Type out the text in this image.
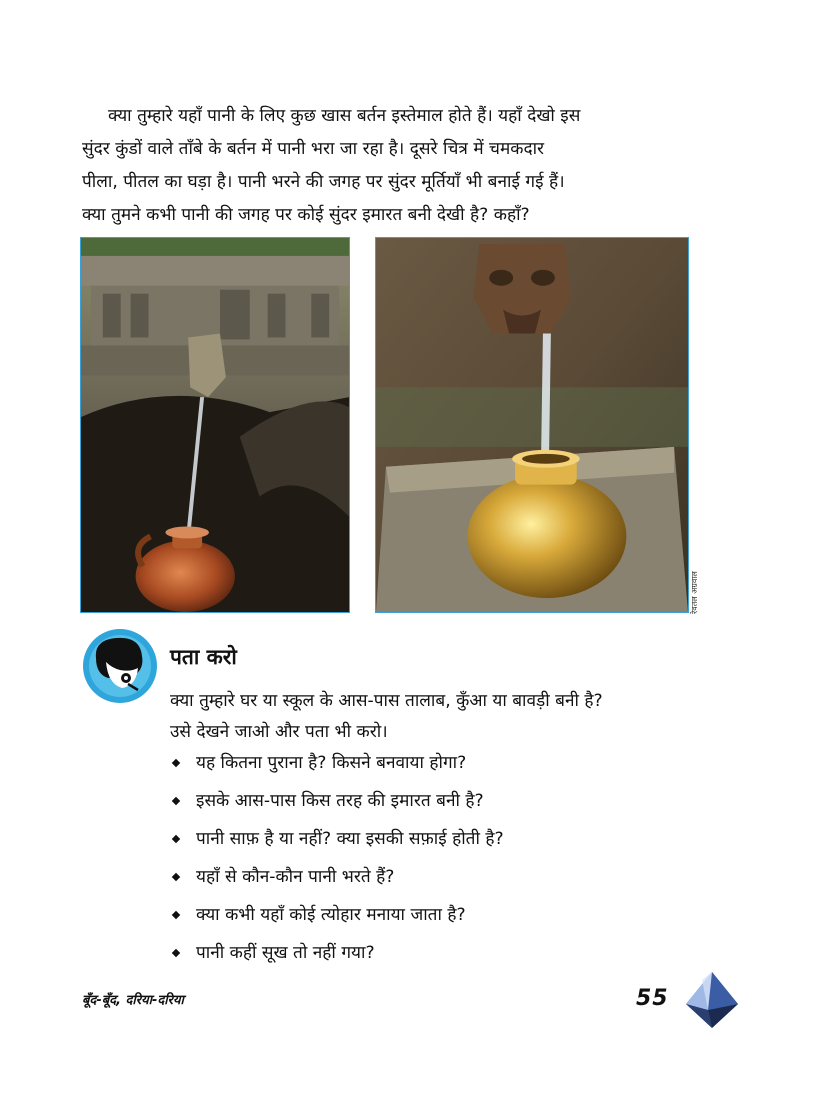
क्या तुम्हारे यहाँ पानी के लिए कुछ खास बर्तन इस्तेमाल होते हैं। यहाँ देखो इस
सुंदर कुंडों वाले ताँबे के बर्तन में पानी भरा जा रहा है। दूसरे चित्र में चमकदार
पीला, पीतल का घड़ा है। पानी भरने की जगह पर सुंदर मूर्तियाँ भी बनाई गई हैं।
क्या तुमने कभी पानी की जगह पर कोई सुंदर इमारत बनी देखी है? कहाँ?
रेवतल अग्रवाल
पता करो
क्या तुम्हारे घर या स्कूल के आस-पास तालाब, कुँआ या बावड़ी बनी है?
उसे देखने जाओ और पता भी करो।
यह कितना पुराना है? किसने बनवाया होगा?
इसके आस-पास किस तरह की इमारत बनी है?
पानी साफ़ है या नहीं? क्या इसकी सफ़ाई होती है?
यहाँ से कौन-कौन पानी भरते हैं?
क्या कभी यहाँ कोई त्योहार मनाया जाता है?
पानी कहीं सूख तो नहीं गया?

बूँद-बूँद, दरिया-दरिया	55
